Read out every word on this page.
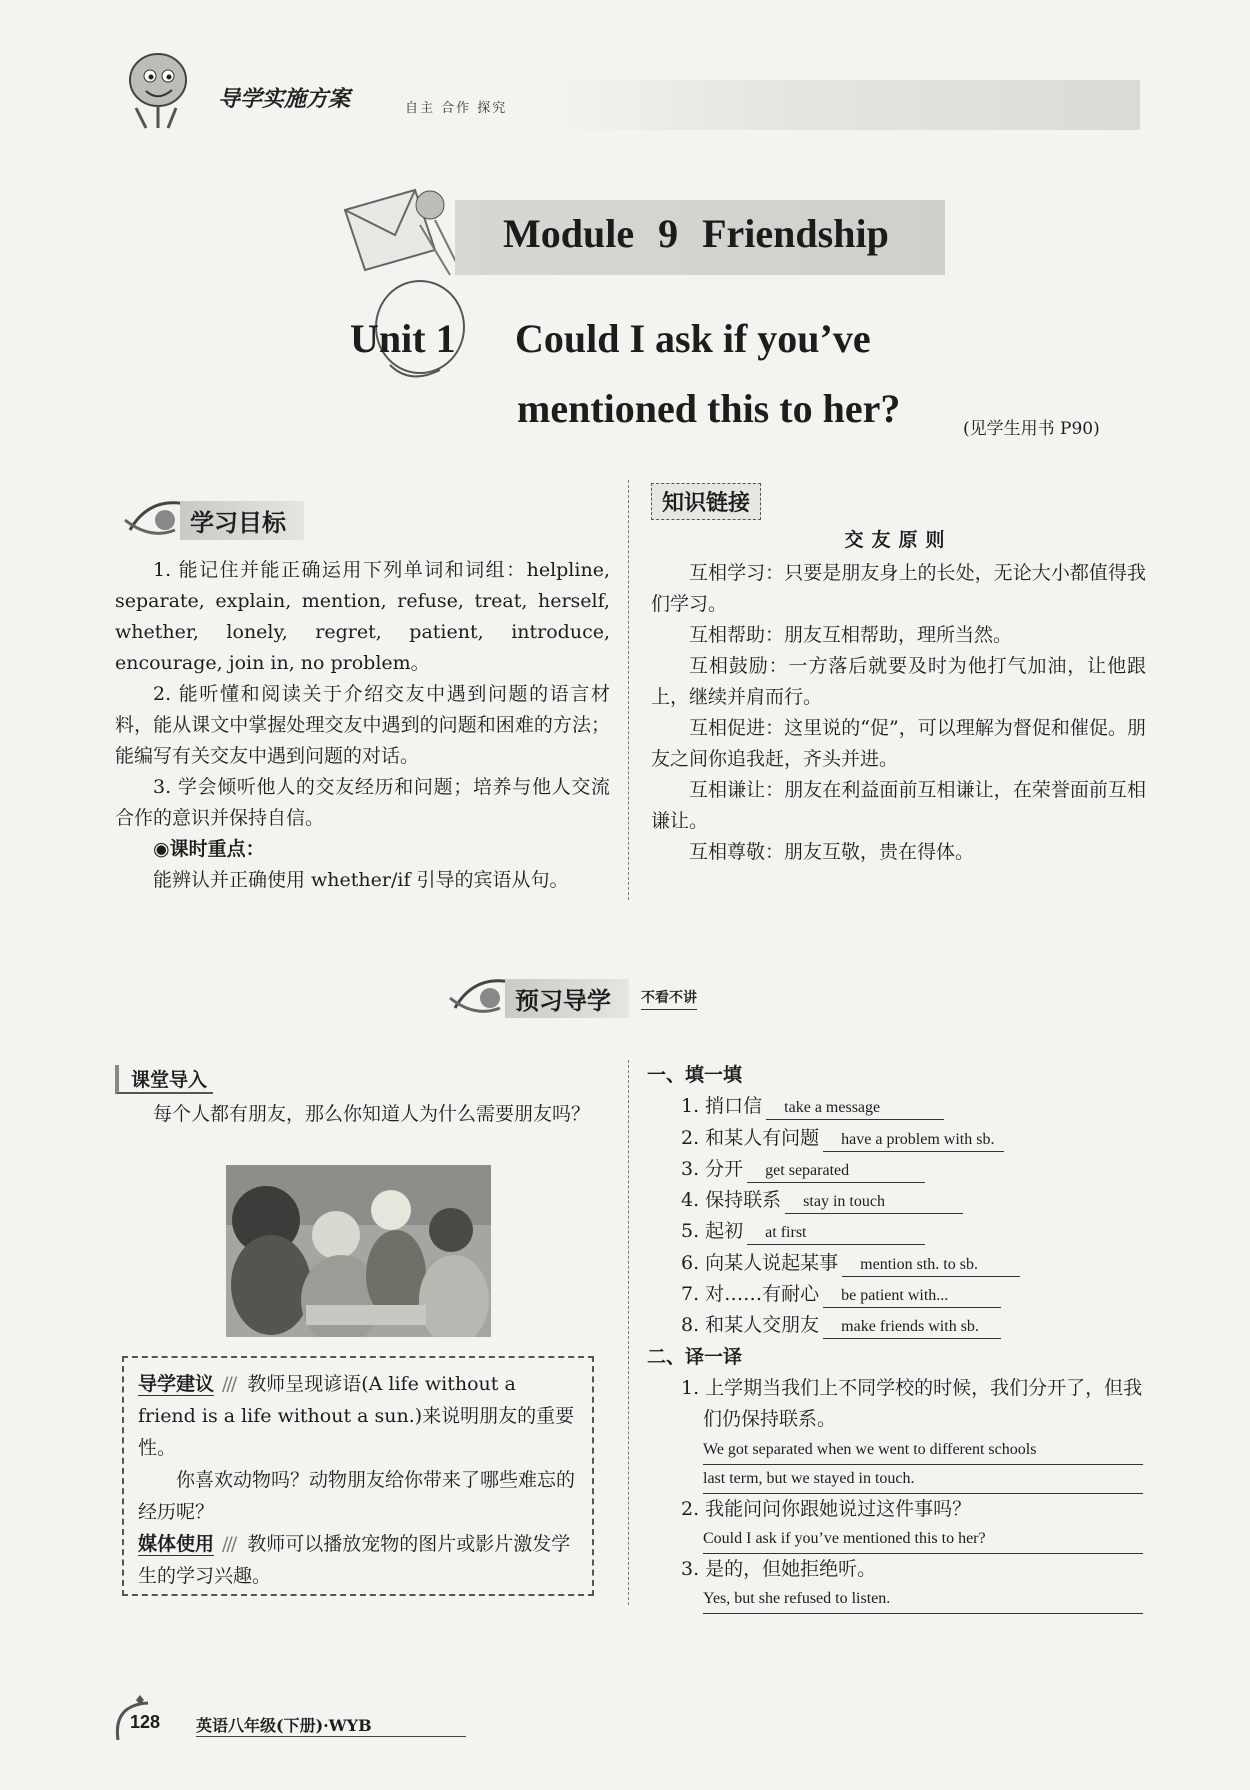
导学实施方案	自主 合作 探究
Module 9 Friendship
Unit 1 Could I ask if you’ve
mentioned this to her?	(见学生用书 P90)
学习目标

1. 能记住并能正确运用下列单词和词组：helpline, separate, explain, mention, refuse, treat, herself, whether, lonely, regret, patient, introduce, encourage, join in, no problem。

2. 能听懂和阅读关于介绍交友中遇到问题的语言材料，能从课文中掌握处理交友中遇到的问题和困难的方法；能编写有关交友中遇到问题的对话。

3. 学会倾听他人的交友经历和问题；培养与他人交流合作的意识并保持自信。

◉课时重点：

能辨认并正确使用 whether/if 引导的宾语从句。

知识链接
交友原则

互相学习：只要是朋友身上的长处，无论大小都值得我们学习。

互相帮助：朋友互相帮助，理所当然。

互相鼓励：一方落后就要及时为他打气加油，让他跟上，继续并肩而行。

互相促进：这里说的“促”，可以理解为督促和催促。朋友之间你追我赶，齐头并进。

互相谦让：朋友在利益面前互相谦让，在荣誉面前互相谦让。

互相尊敬：朋友互敬，贵在得体。

预习导学	不看不讲
课堂导入

每个人都有朋友，那么你知道人为什么需要朋友吗？

导学建议 /// 教师呈现谚语(A life without a friend is a life without a sun.)来说明朋友的重要性。

你喜欢动物吗？动物朋友给你带来了哪些难忘的经历呢？

媒体使用 /// 教师可以播放宠物的图片或影片激发学生的学习兴趣。

一、填一填
1. 捎口信 take a message
2. 和某人有问题 have a problem with sb.
3. 分开 get separated
4. 保持联系 stay in touch
5. 起初 at first
6. 向某人说起某事 mention sth. to sb.
7. 对……有耐心 be patient with...
8. 和某人交朋友 make friends with sb.
二、译一译
1. 上学期当我们上不同学校的时候，我们分开了，但我们仍保持联系。
We got separated when we went to different schools
last term, but we stayed in touch.
2. 我能问问你跟她说过这件事吗？
Could I ask if you’ve mentioned this to her?
3. 是的，但她拒绝听。
Yes, but she refused to listen.
128 英语八年级(下册)·WYB
